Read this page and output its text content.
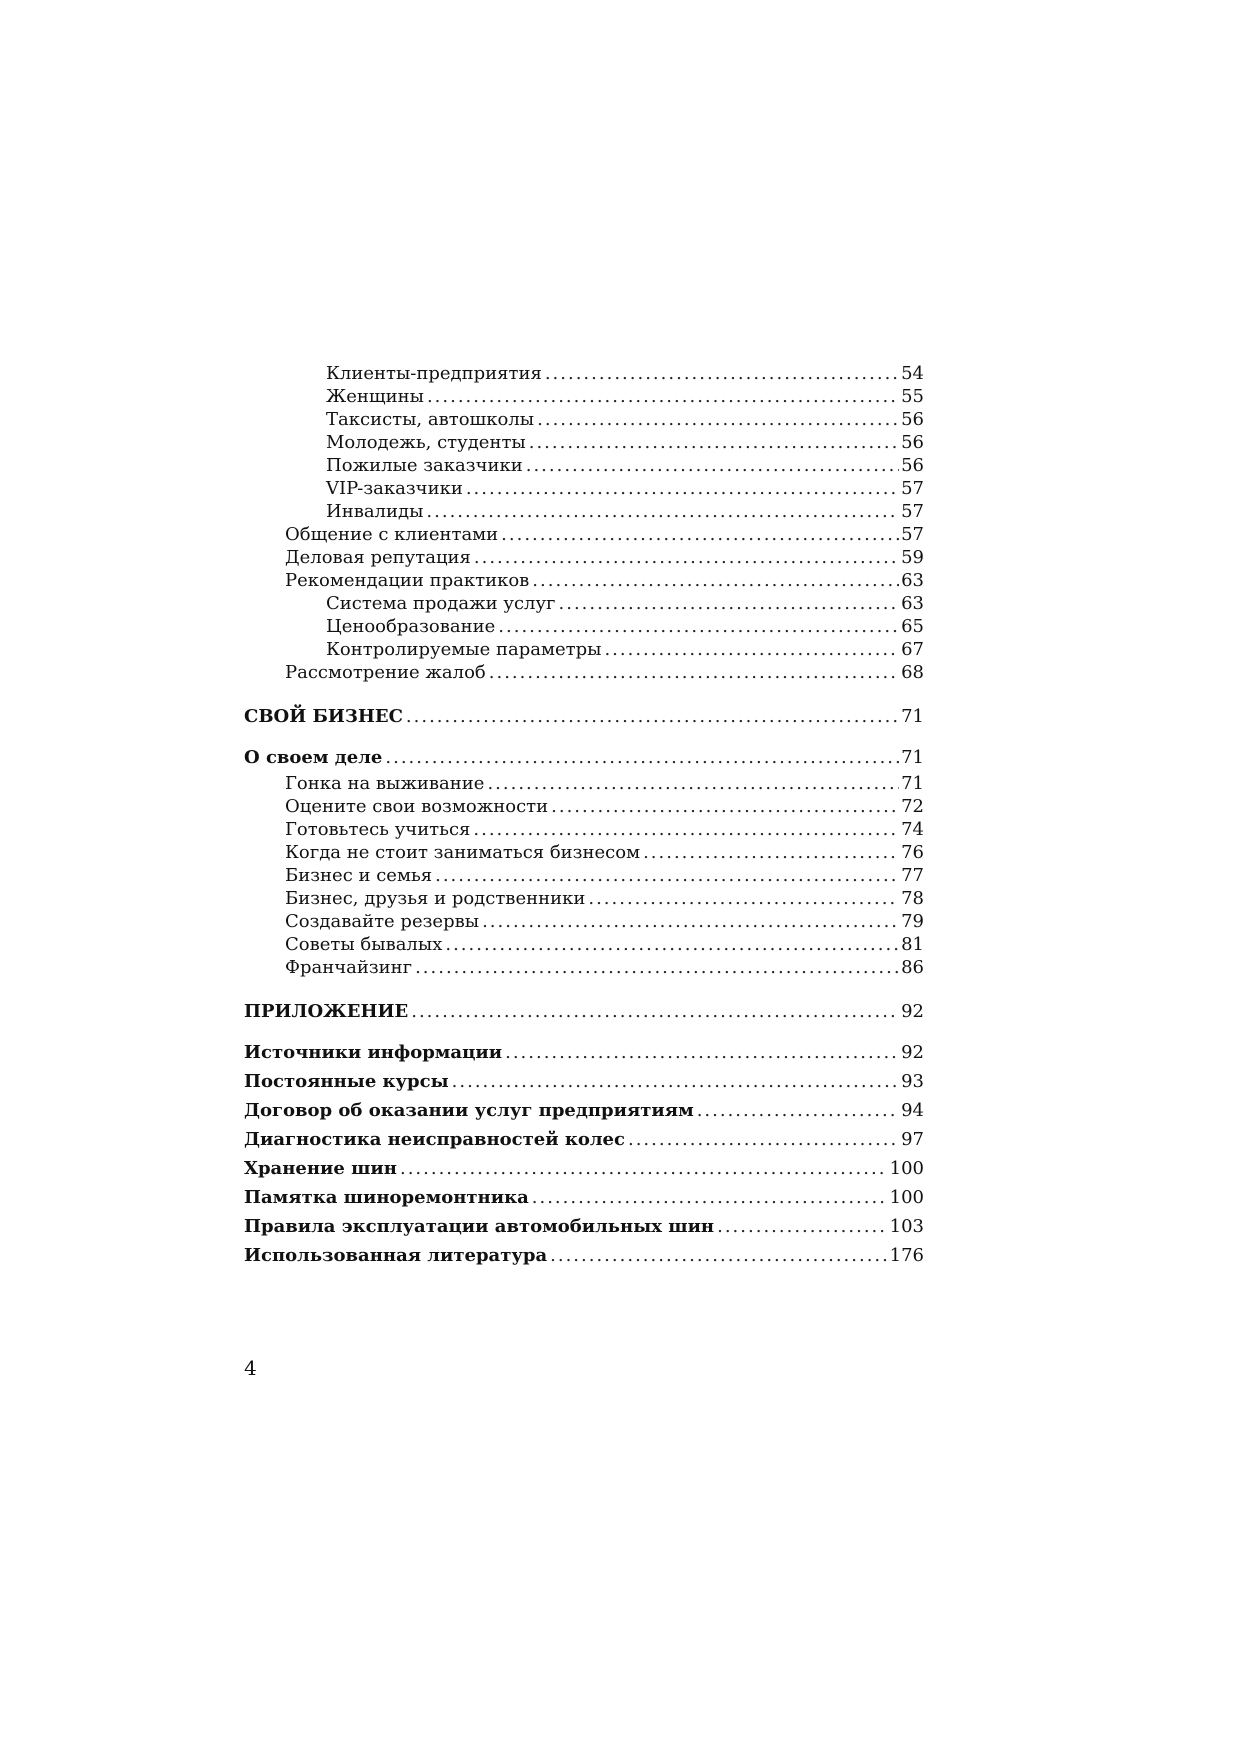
Клиенты-предприятия .....	54
Женщины .....	55
Таксисты, автошколы .....	56
Молодежь, студенты .....	56
Пожилые заказчики .....	56
VIP-заказчики .....	57
Инвалиды .....	57
Общение с клиентами .....	57
Деловая репутация .....	59
Рекомендации практиков .....	63
Система продажи услуг .....	63
Ценообразование .....	65
Контролируемые параметры .....	67
Рассмотрение жалоб .....	68
СВОЙ БИЗНЕС .....	71
О своем деле .....	71
Гонка на выживание .....	71
Оцените свои возможности .....	72
Готовьтесь учиться .....	74
Когда не стоит заниматься бизнесом .....	76
Бизнес и семья .....	77
Бизнес, друзья и родственники .....	78
Создавайте резервы .....	79
Советы бывалых .....	81
Франчайзинг .....	86
ПРИЛОЖЕНИЕ .....	92
Источники информации .....	92
Постоянные курсы .....	93
Договор об оказании услуг предприятиям .....	94
Диагностика неисправностей колес .....	97
Хранение шин .....	100
Памятка шиноремонтника .....	100
Правила эксплуатации автомобильных шин .....	103
Использованная литература .....	176
4
